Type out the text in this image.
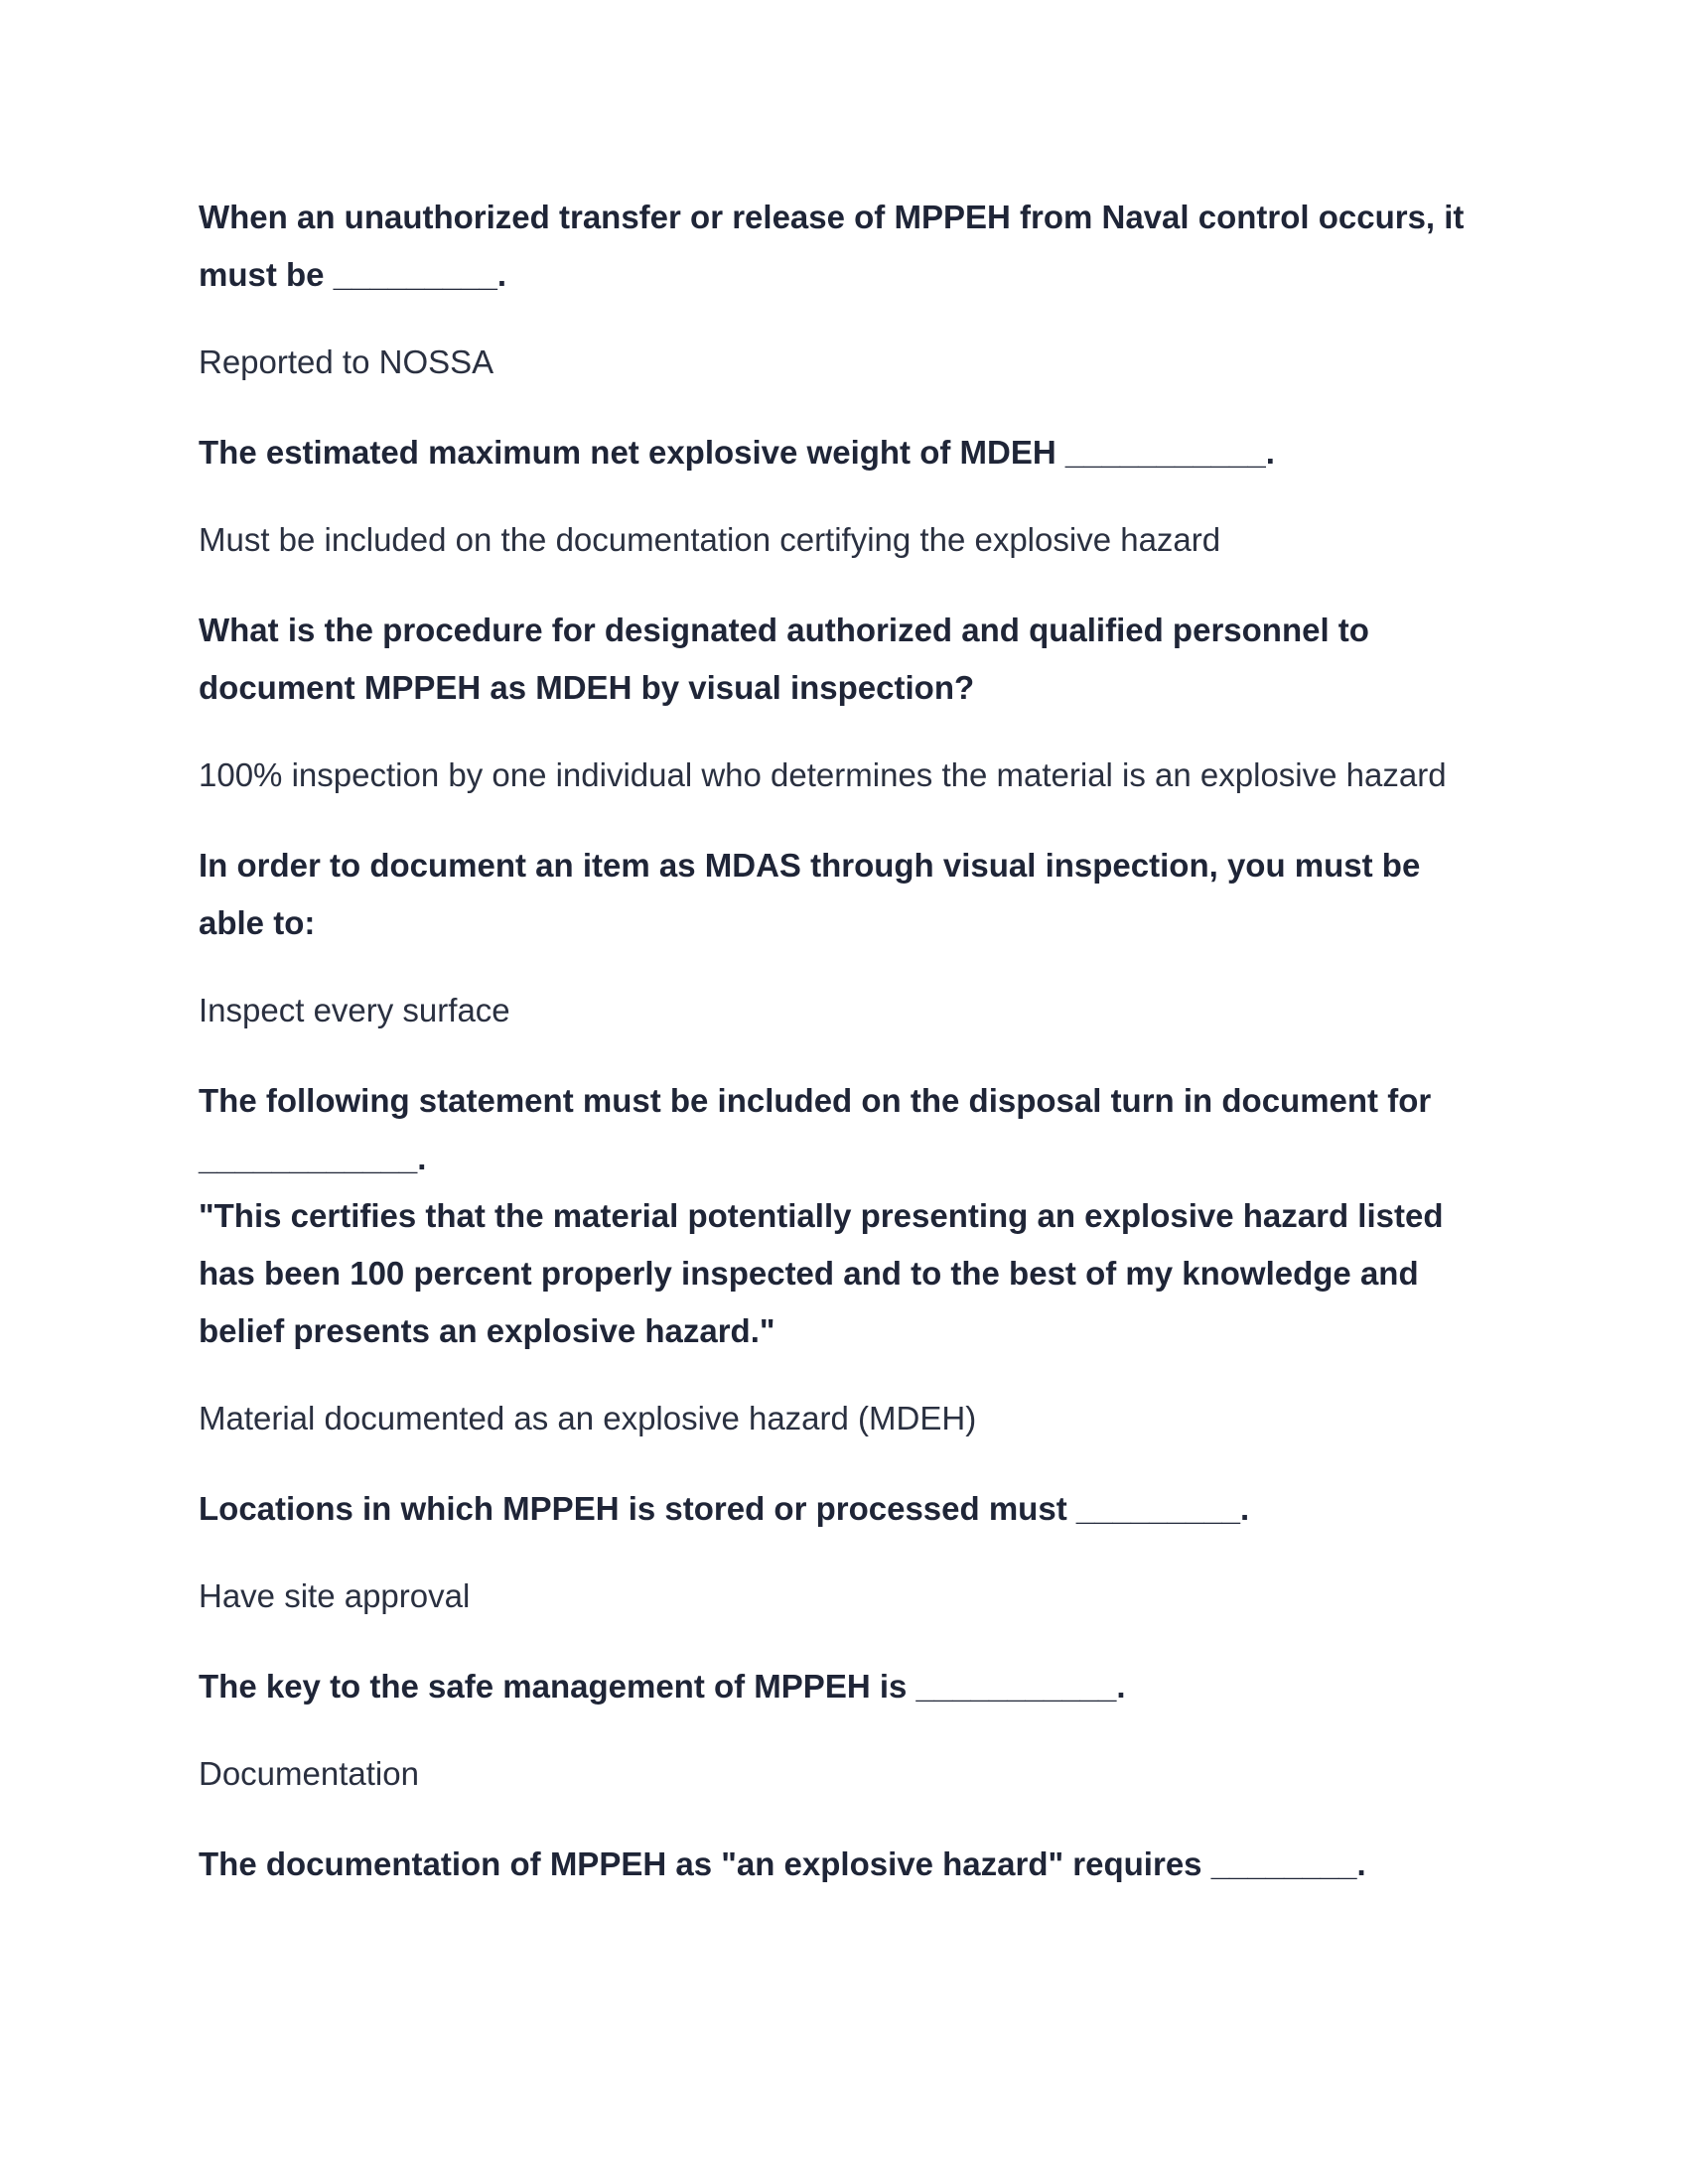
When an unauthorized transfer or release of MPPEH from Naval control occurs, it must be _________.

Reported to NOSSA

The estimated maximum net explosive weight of MDEH ___________.

Must be included on the documentation certifying the explosive hazard

What is the procedure for designated authorized and qualified personnel to document MPPEH as MDEH by visual inspection?

100% inspection by one individual who determines the material is an explosive hazard

In order to document an item as MDAS through visual inspection, you must be able to:

Inspect every surface

The following statement must be included on the disposal turn in document for ____________.
"This certifies that the material potentially presenting an explosive hazard listed has been 100 percent properly inspected and to the best of my knowledge and belief presents an explosive hazard."

Material documented as an explosive hazard (MDEH)

Locations in which MPPEH is stored or processed must _________.

Have site approval

The key to the safe management of MPPEH is ___________.

Documentation

The documentation of MPPEH as "an explosive hazard" requires ________.
